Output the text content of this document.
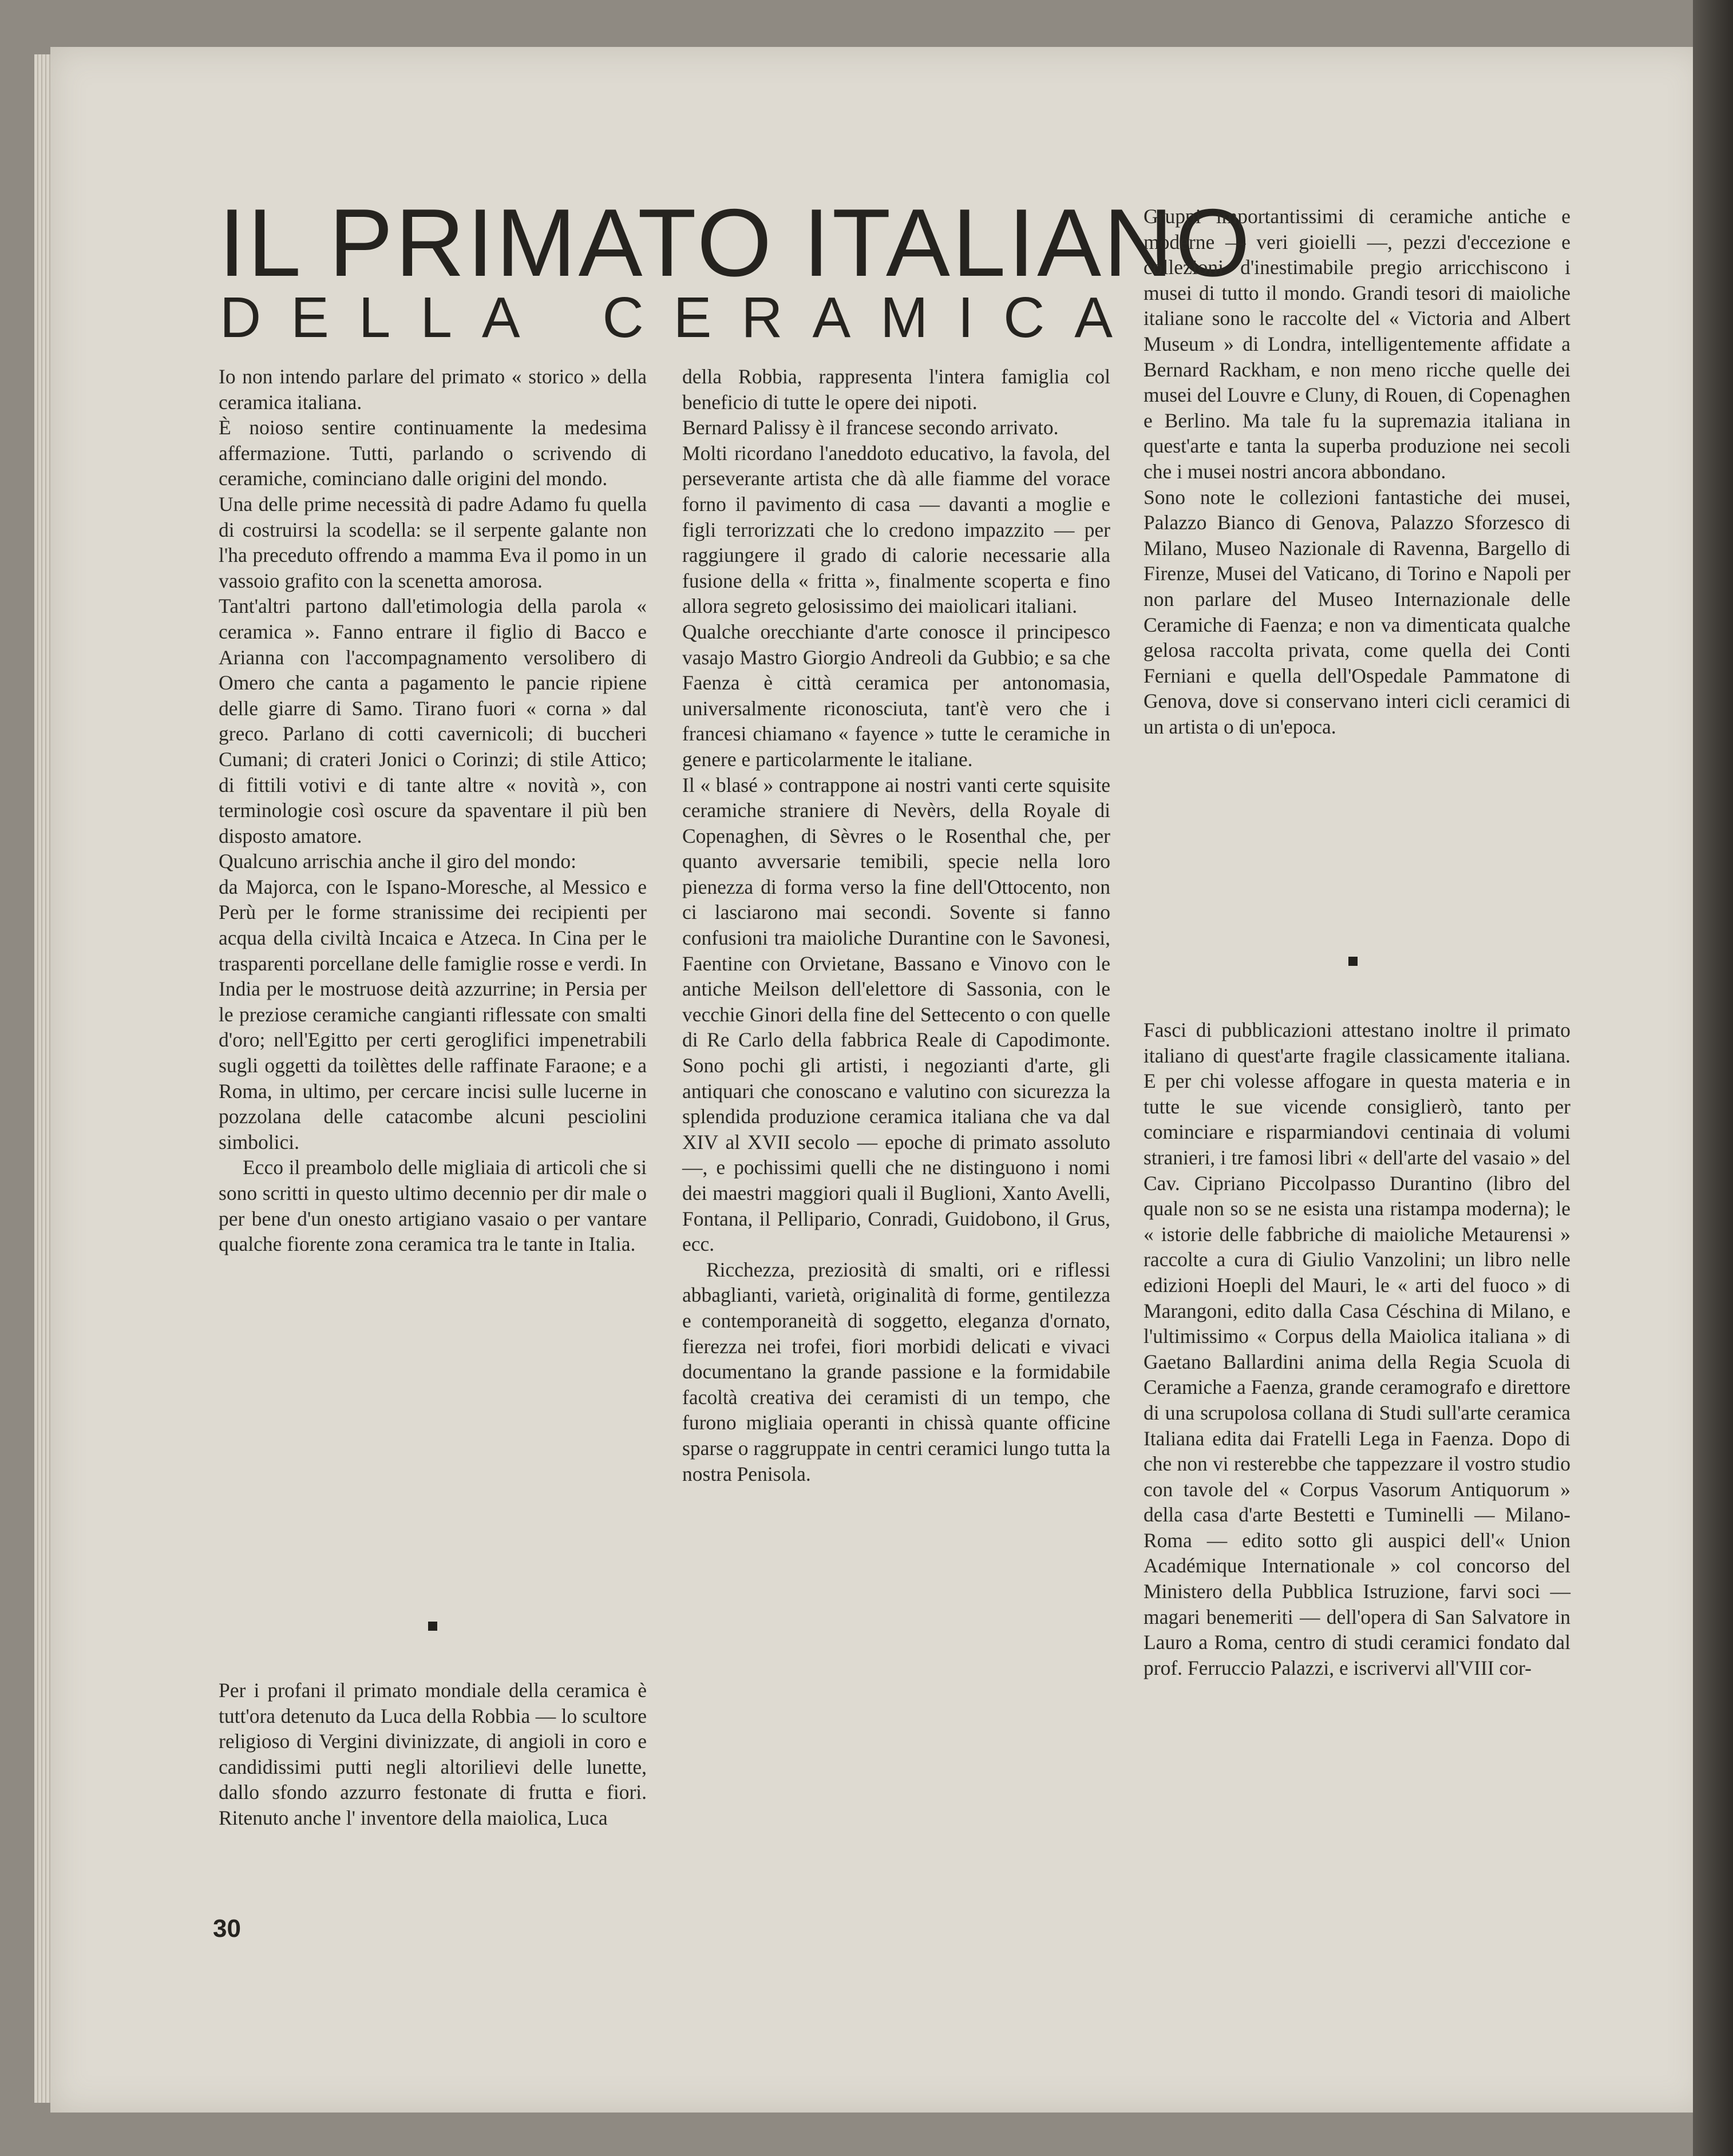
IL PRIMATO ITALIANO
D E L L A C E R A M I C A

Io non intendo parlare del primato « storico » della ceramica italiana.

È noioso sentire continuamente la medesima affermazione. Tutti, parlando o scrivendo di ceramiche, cominciano dalle origini del mondo.

Una delle prime necessità di padre Adamo fu quella di costruirsi la scodella: se il serpente galante non l'ha preceduto offrendo a mamma Eva il pomo in un vassoio grafito con la scenetta amorosa.

Tant'altri partono dall'etimologia della parola « ceramica ». Fanno entrare il figlio di Bacco e Arianna con l'accompagnamento versolibero di Omero che canta a pagamento le pancie ripiene delle giarre di Samo. Tirano fuori « corna » dal greco. Parlano di cotti cavernicoli; di buccheri Cumani; di crateri Jonici o Corinzi; di stile Attico; di fittili votivi e di tante altre « novità », con terminologie così oscure da spaventare il più ben disposto amatore.

Qualcuno arrischia anche il giro del mondo:

da Majorca, con le Ispano-Moresche, al Messico e Perù per le forme stranissime dei recipienti per acqua della civiltà Incaica e Atzeca. In Cina per le trasparenti porcellane delle famiglie rosse e verdi. In India per le mostruose deità azzurrine; in Persia per le preziose ceramiche cangianti riflessate con smalti d'oro; nell'Egitto per certi geroglifici impenetrabili sugli oggetti da toilèttes delle raffinate Faraone; e a Roma, in ultimo, per cercare incisi sulle lucerne in pozzolana delle catacombe alcuni pesciolini simbolici.

Ecco il preambolo delle migliaia di articoli che si sono scritti in questo ultimo decennio per dir male o per bene d'un onesto artigiano vasaio o per vantare qualche fiorente zona ceramica tra le tante in Italia.

Per i profani il primato mondiale della ceramica è tutt'ora detenuto da Luca della Robbia — lo scultore religioso di Vergini divinizzate, di angioli in coro e candidissimi putti negli altorilievi delle lunette, dallo sfondo azzurro festonate di frutta e fiori. Ritenuto anche l' inventore della maiolica, Luca

della Robbia, rappresenta l'intera famiglia col beneficio di tutte le opere dei nipoti.

Bernard Palissy è il francese secondo arrivato.

Molti ricordano l'aneddoto educativo, la favola, del perseverante artista che dà alle fiamme del vorace forno il pavimento di casa — davanti a moglie e figli terrorizzati che lo credono impazzito — per raggiungere il grado di calorie necessarie alla fusione della « fritta », finalmente scoperta e fino allora segreto gelosissimo dei maiolicari italiani.

Qualche orecchiante d'arte conosce il principesco vasajo Mastro Giorgio Andreoli da Gubbio; e sa che Faenza è città ceramica per antonomasia, universalmente riconosciuta, tant'è vero che i francesi chiamano « fayence » tutte le ceramiche in genere e particolarmente le italiane.

Il « blasé » contrappone ai nostri vanti certe squisite ceramiche straniere di Nevèrs, della Royale di Copenaghen, di Sèvres o le Rosenthal che, per quanto avversarie temibili, specie nella loro pienezza di forma verso la fine dell'Ottocento, non ci lasciarono mai secondi. Sovente si fanno confusioni tra maioliche Durantine con le Savonesi, Faentine con Orvietane, Bassano e Vinovo con le antiche Meilson dell'elettore di Sassonia, con le vecchie Ginori della fine del Settecento o con quelle di Re Carlo della fabbrica Reale di Capodimonte. Sono pochi gli artisti, i negozianti d'arte, gli antiquari che conoscano e valutino con sicurezza la splendida produzione ceramica italiana che va dal XIV al XVII secolo — epoche di primato assoluto —, e pochissimi quelli che ne distinguono i nomi dei maestri maggiori quali il Buglioni, Xanto Avelli, Fontana, il Pellipario, Conradi, Guidobono, il Grus, ecc.

Ricchezza, preziosità di smalti, ori e riflessi abbaglianti, varietà, originalità di forme, gentilezza e contemporaneità di soggetto, eleganza d'ornato, fierezza nei trofei, fiori morbidi delicati e vivaci documentano la grande passione e la formidabile facoltà creativa dei ceramisti di un tempo, che furono migliaia operanti in chissà quante officine sparse o raggruppate in centri ceramici lungo tutta la nostra Penisola.

Gruppi importantissimi di ceramiche antiche e moderne — veri gioielli —, pezzi d'eccezione e collezioni d'inestimabile pregio arricchiscono i musei di tutto il mondo. Grandi tesori di maioliche italiane sono le raccolte del « Victoria and Albert Museum » di Londra, intelligentemente affidate a Bernard Rackham, e non meno ricche quelle dei musei del Louvre e Cluny, di Rouen, di Copenaghen e Berlino. Ma tale fu la supremazia italiana in quest'arte e tanta la superba produzione nei secoli che i musei nostri ancora abbondano.

Sono note le collezioni fantastiche dei musei, Palazzo Bianco di Genova, Palazzo Sforzesco di Milano, Museo Nazionale di Ravenna, Bargello di Firenze, Musei del Vaticano, di Torino e Napoli per non parlare del Museo Internazionale delle Ceramiche di Faenza; e non va dimenticata qualche gelosa raccolta privata, come quella dei Conti Ferniani e quella dell'Ospedale Pammatone di Genova, dove si conservano interi cicli ceramici di un artista o di un'epoca.

Fasci di pubblicazioni attestano inoltre il primato italiano di quest'arte fragile classicamente italiana. E per chi volesse affogare in questa materia e in tutte le sue vicende consiglierò, tanto per cominciare e risparmiandovi centinaia di volumi stranieri, i tre famosi libri « dell'arte del vasaio » del Cav. Cipriano Piccolpasso Durantino (libro del quale non so se ne esista una ristampa moderna); le « istorie delle fabbriche di maioliche Metaurensi » raccolte a cura di Giulio Vanzolini; un libro nelle edizioni Hoepli del Mauri, le « arti del fuoco » di Marangoni, edito dalla Casa Céschina di Milano, e l'ultimissimo « Corpus della Maiolica italiana » di Gaetano Ballardini anima della Regia Scuola di Ceramiche a Faenza, grande ceramografo e direttore di una scrupolosa collana di Studi sull'arte ceramica Italiana edita dai Fratelli Lega in Faenza. Dopo di che non vi resterebbe che tappezzare il vostro studio con tavole del « Corpus Vasorum Antiquorum » della casa d'arte Bestetti e Tuminelli — Milano-Roma — edito sotto gli auspici dell'« Union Académique Internationale » col concorso del Ministero della Pubblica Istruzione, farvi soci — magari benemeriti — dell'opera di San Salvatore in Lauro a Roma, centro di studi ceramici fondato dal prof. Ferruccio Palazzi, e iscrivervi all'VIII cor-

30
